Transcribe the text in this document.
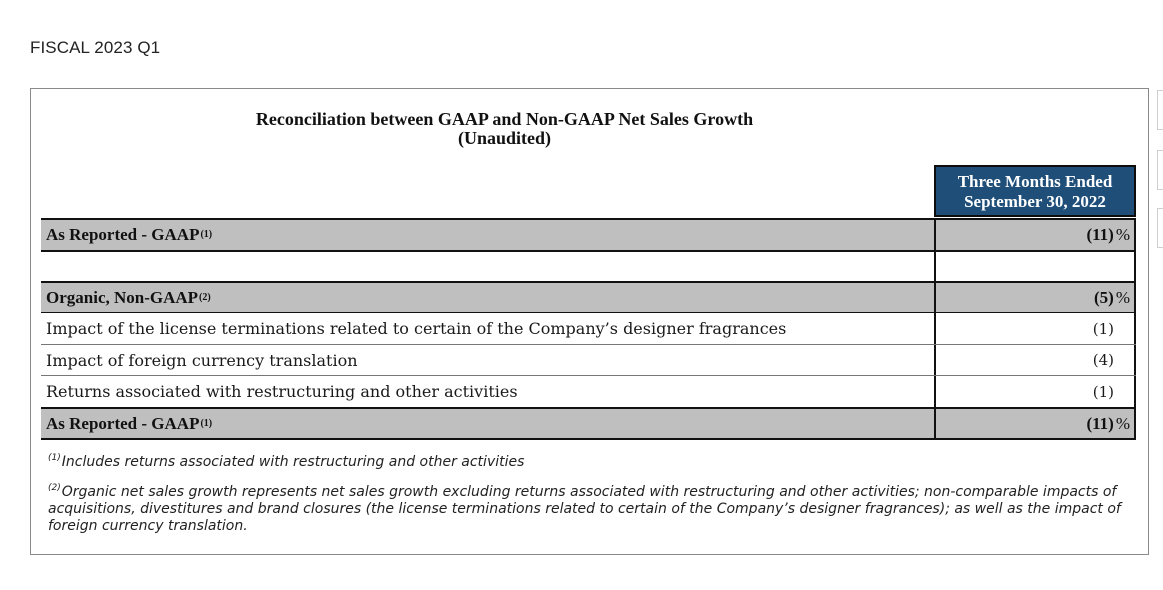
FISCAL 2023 Q1
Reconciliation between GAAP and Non-GAAP Net Sales Growth
(Unaudited)
Three Months Ended
September 30, 2022
As Reported - GAAP (1)	(11) %
Organic, Non-GAAP (2)	(5) %
Impact of the license terminations related to certain of the Company’s designer fragrances	(1)
Impact of foreign currency translation	(4)
Returns associated with restructuring and other activities	(1)
As Reported - GAAP (1)	(11) %
$^{(1)}$Includes returns associated with restructuring and other activities
$^{(2)}$Organic net sales growth represents net sales growth excluding returns associated with restructuring and other activities; non-comparable impacts of acquisitions, divestitures and brand closures (the license terminations related to certain of the Company’s designer fragrances); as well as the impact of foreign currency translation.
